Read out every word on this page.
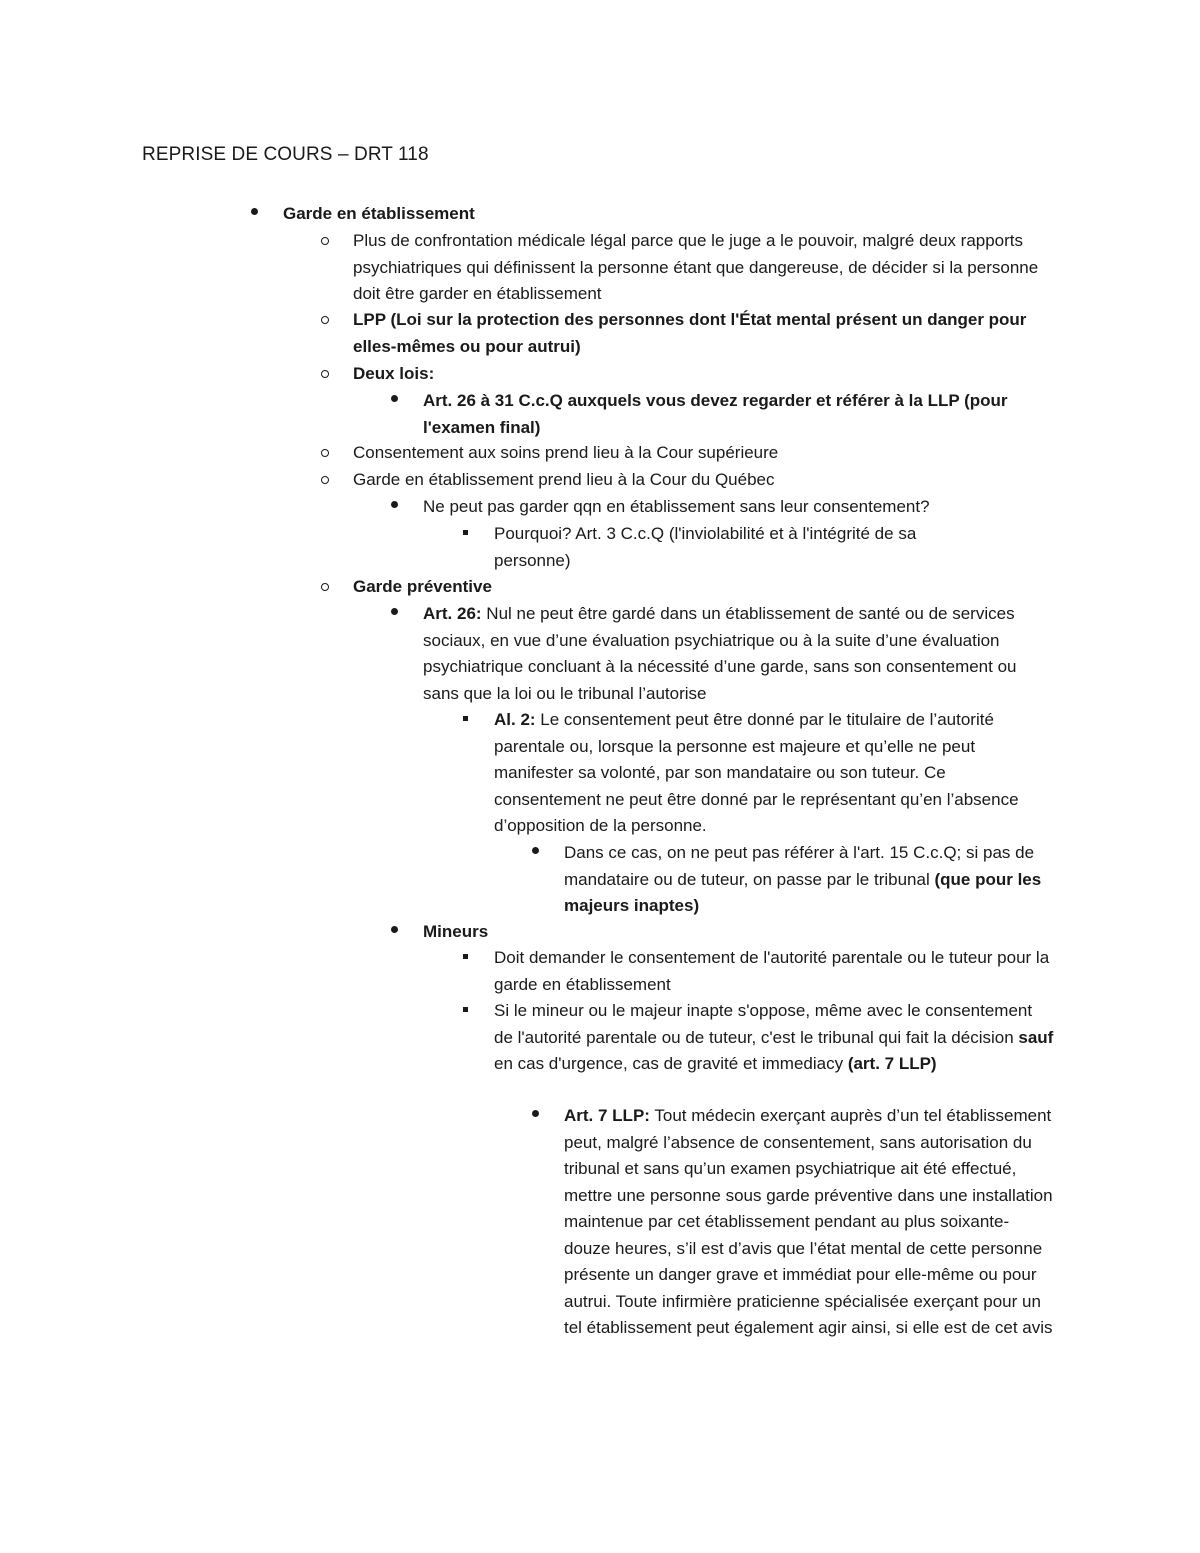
REPRISE DE COURS – DRT 118
Garde en établissement
Plus de confrontation médicale légal parce que le juge a le pouvoir, malgré deux rapports psychiatriques qui définissent la personne étant que dangereuse, de décider si la personne doit être garder en établissement
LPP (Loi sur la protection des personnes dont l'État mental présent un danger pour elles-mêmes ou pour autrui)
Deux lois:
Art. 26 à 31 C.c.Q auxquels vous devez regarder et référer à la LLP (pour l'examen final)
Consentement aux soins prend lieu à la Cour supérieure
Garde en établissement prend lieu à la Cour du Québec
Ne peut pas garder qqn en établissement sans leur consentement?
Pourquoi? Art. 3 C.c.Q (l'inviolabilité et à l'intégrité de sa personne)
Garde préventive
Art. 26: Nul ne peut être gardé dans un établissement de santé ou de services sociaux, en vue d’une évaluation psychiatrique ou à la suite d’une évaluation psychiatrique concluant à la nécessité d’une garde, sans son consentement ou sans que la loi ou le tribunal l’autorise
Al. 2: Le consentement peut être donné par le titulaire de l’autorité parentale ou, lorsque la personne est majeure et qu’elle ne peut manifester sa volonté, par son mandataire ou son tuteur. Ce consentement ne peut être donné par le représentant qu’en l’absence d’opposition de la personne.
Dans ce cas, on ne peut pas référer à l'art. 15 C.c.Q; si pas de mandataire ou de tuteur, on passe par le tribunal (que pour les majeurs inaptes)
Mineurs
Doit demander le consentement de l'autorité parentale ou le tuteur pour la garde en établissement
Si le mineur ou le majeur inapte s'oppose, même avec le consentement de l'autorité parentale ou de tuteur, c'est le tribunal qui fait la décision sauf en cas d'urgence, cas de gravité et immediacy (art. 7 LLP)
Art. 7 LLP: Tout médecin exerçant auprès d’un tel établissement peut, malgré l’absence de consentement, sans autorisation du tribunal et sans qu’un examen psychiatrique ait été effectué, mettre une personne sous garde préventive dans une installation maintenue par cet établissement pendant au plus soixante-douze heures, s’il est d’avis que l’état mental de cette personne présente un danger grave et immédiat pour elle-même ou pour autrui. Toute infirmière praticienne spécialisée exerçant pour un tel établissement peut également agir ainsi, si elle est de cet avis
